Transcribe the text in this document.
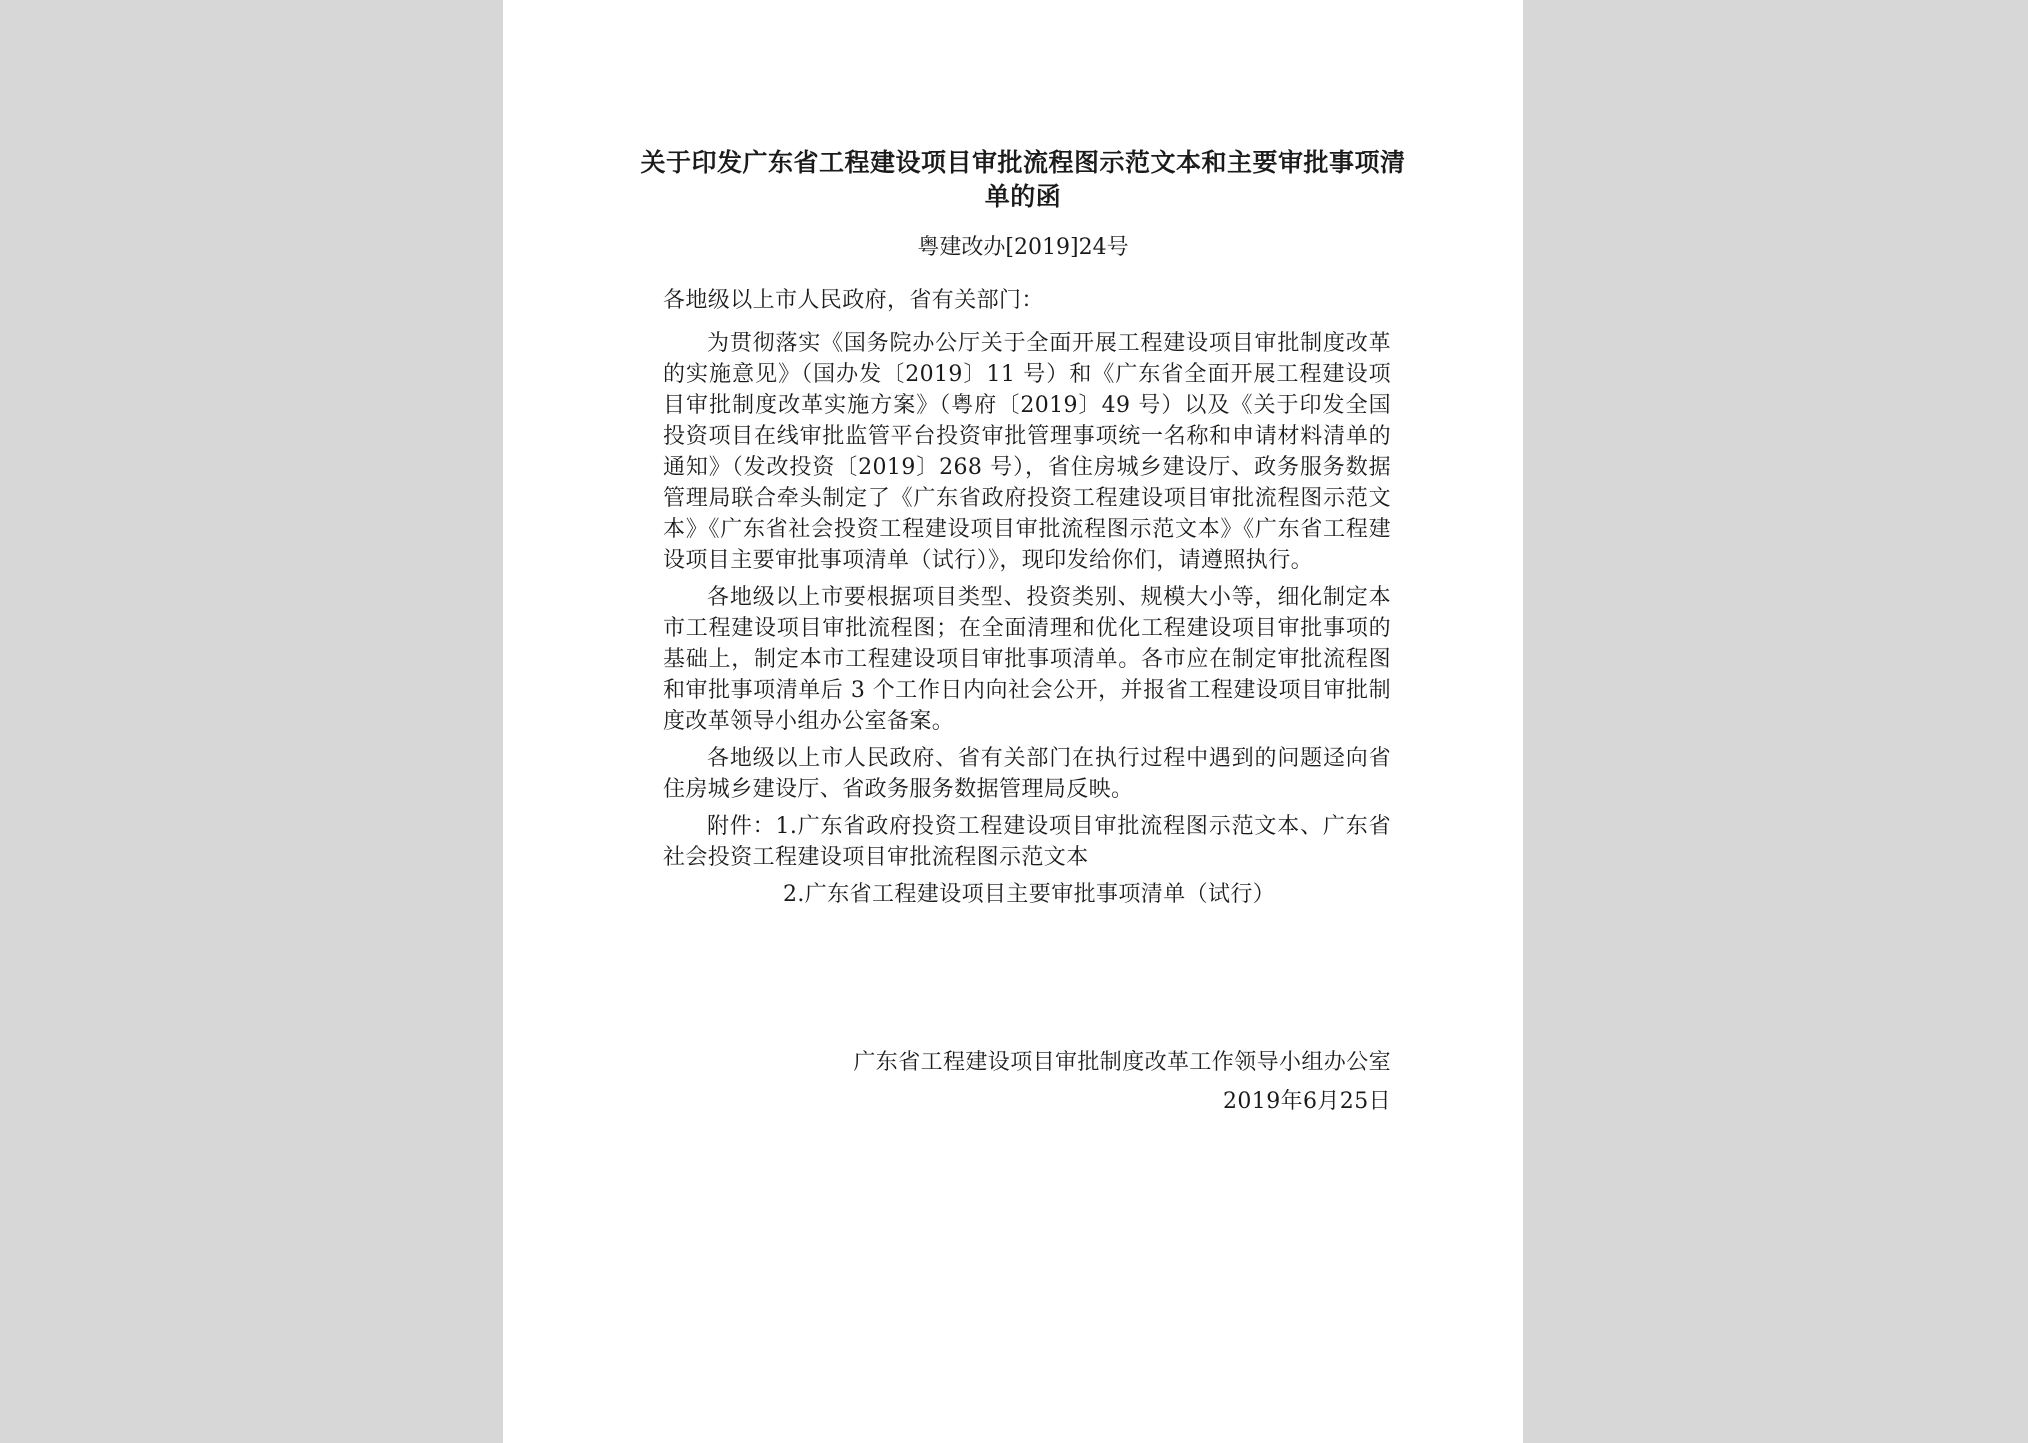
关于印发广东省工程建设项目审批流程图示范文本和主要审批事项清单的函
粤建改办[2019]24号

各地级以上市人民政府，省有关部门：

为贯彻落实《国务院办公厅关于全面开展工程建设项目审批制度改革的实施意见》（国办发〔2019〕11 号）和《广东省全面开展工程建设项目审批制度改革实施方案》（粤府〔2019〕49 号）以及《关于印发全国投资项目在线审批监管平台投资审批管理事项统一名称和申请材料清单的通知》（发改投资〔2019〕268 号），省住房城乡建设厅、政务服务数据管理局联合牵头制定了《广东省政府投资工程建设项目审批流程图示范文本》《广东省社会投资工程建设项目审批流程图示范文本》《广东省工程建设项目主要审批事项清单（试行）》，现印发给你们，请遵照执行。

各地级以上市要根据项目类型、投资类别、规模大小等，细化制定本市工程建设项目审批流程图；在全面清理和优化工程建设项目审批事项的基础上，制定本市工程建设项目审批事项清单。各市应在制定审批流程图和审批事项清单后 3 个工作日内向社会公开，并报省工程建设项目审批制度改革领导小组办公室备案。

各地级以上市人民政府、省有关部门在执行过程中遇到的问题迳向省住房城乡建设厅、省政务服务数据管理局反映。

附件：1.广东省政府投资工程建设项目审批流程图示范文本、广东省社会投资工程建设项目审批流程图示范文本

2.广东省工程建设项目主要审批事项清单（试行）

广东省工程建设项目审批制度改革工作领导小组办公室
2019年6月25日
